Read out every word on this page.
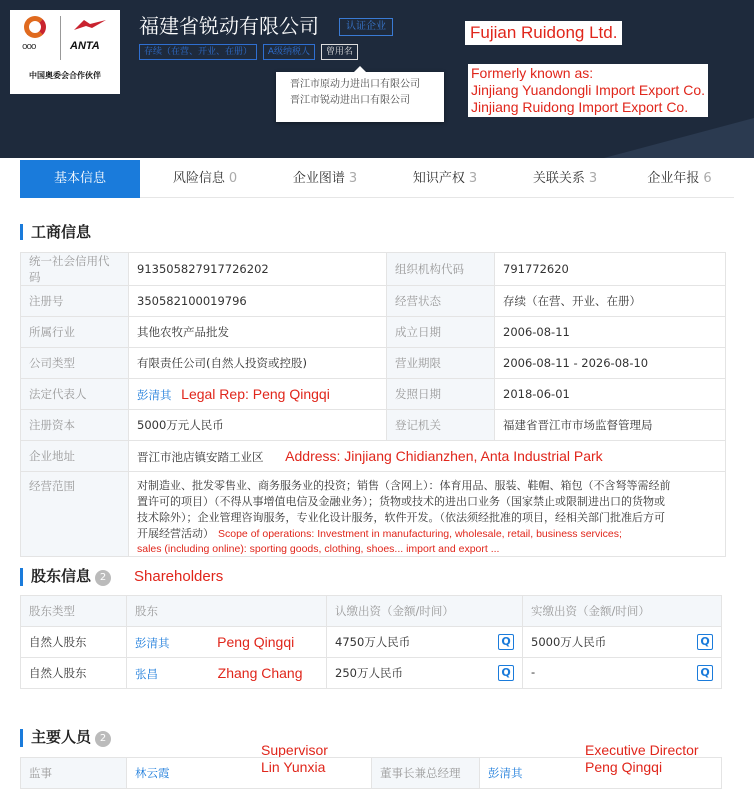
ooo	ANTA
中国奥委会合作伙伴
福建省锐动有限公司	认证企业
存续（在营、开业、在册） A级纳税人 曾用名
晋江市原动力进出口有限公司
晋江市锐动进出口有限公司
Fujian Ruidong Ltd.
Formerly known as:
Jinjiang Yuandongli Import Export Co.
Jinjiang Ruidong Import Export Co.
基本信息	风险信息 0	企业图谱 3	知识产权 3	关联关系 3	企业年报 6
工商信息
统一社会信用代码	913505827917726202	组织机构代码	791772620
注册号	350582100019796	经营状态	存续（在营、开业、在册）
所属行业	其他农牧产品批发	成立日期	2006-08-11
公司类型	有限责任公司(自然人投资或控股)	营业期限	2006-08-11 - 2026-08-10
法定代表人	彭清其 Legal Rep: Peng Qingqi	发照日期	2018-06-01
注册资本	5000万元人民币	登记机关	福建省晋江市市场监督管理局
企业地址	晋江市池店镇安踏工业区 Address: Jinjiang Chidianzhen, Anta Industrial Park		
经营范围	对制造业、批发零售业、商务服务业的投资；销售（含网上）：体育用品、服装、鞋帽、箱包（不含弩等需经前
置许可的项目）（不得从事增值电信及金融业务）；货物或技术的进出口业务（国家禁止或限制进出口的货物或
技术除外）；企业管理咨询服务，专业化设计服务，软件开发。（依法须经批准的项目，经相关部门批准后方可
开展经营活动） Scope of operations: Investment in manufacturing, wholesale, retail, business services;
sales (including online): sporting goods, clothing, shoes... import and export ...		
股东信息 2	Shareholders
股东类型	股东	认缴出资（金额/时间）	实缴出资（金额/时间）
自然人股东	彭清其 Peng Qingqi	4750万人民币 Q	5000万人民币 Q

自然人股东	张昌 Zhang Chang	250万人民币 Q	- Q
主要人员 2
Supervisor
Lin Yunxia
Executive Director
Peng Qingqi
监事	林云霞	董事长兼总经理	彭清其
